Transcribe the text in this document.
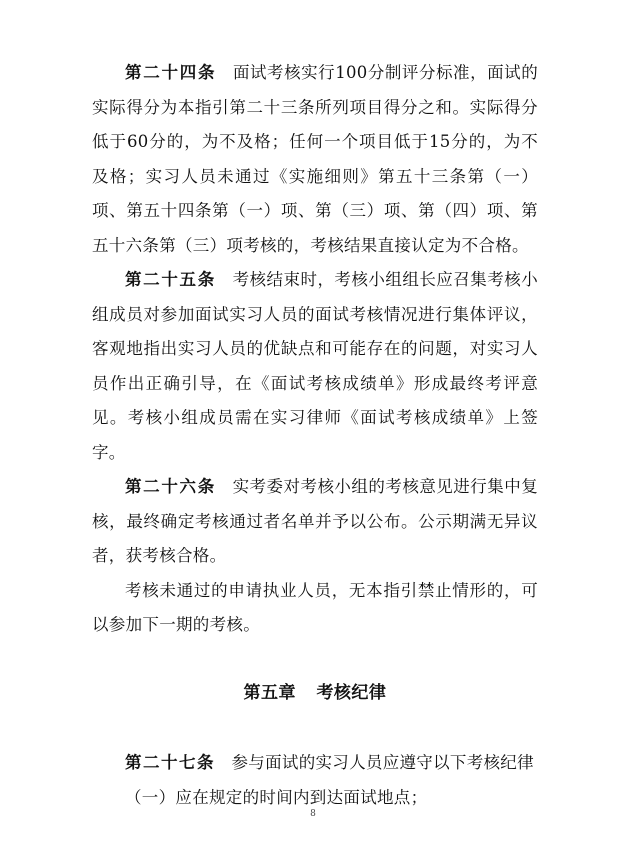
第二十四条 面试考核实行100分制评分标准，面试的实际得分为本指引第二十三条所列项目得分之和。实际得分低于60分的，为不及格；任何一个项目低于15分的，为不及格；实习人员未通过《实施细则》第五十三条第（一）项、第五十四条第（一）项、第（三）项、第（四）项、第五十六条第（三）项考核的，考核结果直接认定为不合格。

第二十五条 考核结束时，考核小组组长应召集考核小组成员对参加面试实习人员的面试考核情况进行集体评议，客观地指出实习人员的优缺点和可能存在的问题，对实习人员作出正确引导，在《面试考核成绩单》形成最终考评意见。考核小组成员需在实习律师《面试考核成绩单》上签字。

第二十六条 实考委对考核小组的考核意见进行集中复核，最终确定考核通过者名单并予以公布。公示期满无异议者，获考核合格。

考核未通过的申请执业人员，无本指引禁止情形的，可以参加下一期的考核。

第五章 考核纪律

第二十七条 参与面试的实习人员应遵守以下考核纪律

（一）应在规定的时间内到达面试地点；

8
